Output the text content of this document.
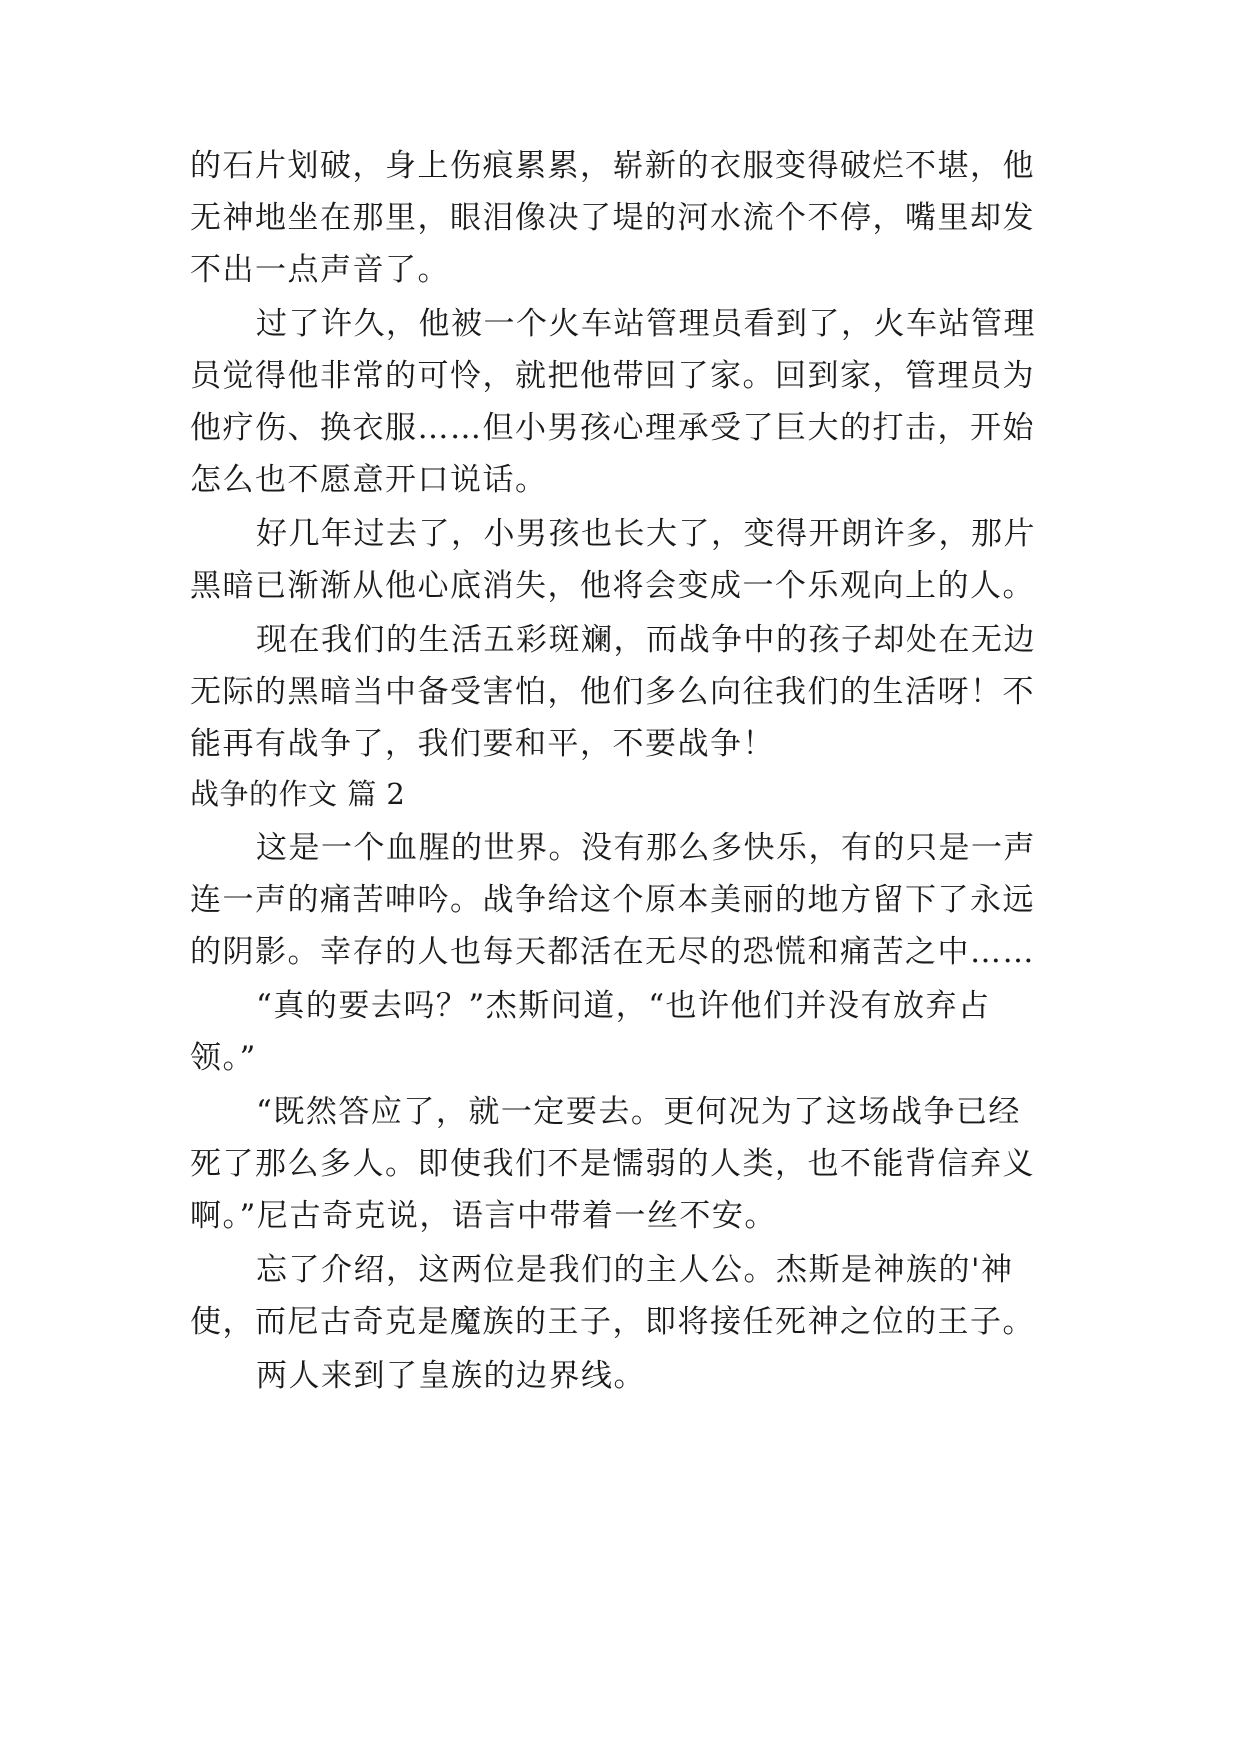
的石片划破，身上伤痕累累，崭新的衣服变得破烂不堪，他
无神地坐在那里，眼泪像决了堤的河水流个不停，嘴里却发
不出一点声音了。
过了许久，他被一个火车站管理员看到了，火车站管理
员觉得他非常的可怜，就把他带回了家。回到家，管理员为
他疗伤、换衣服……但小男孩心理承受了巨大的打击，开始
怎么也不愿意开口说话。
好几年过去了，小男孩也长大了，变得开朗许多，那片
黑暗已渐渐从他心底消失，他将会变成一个乐观向上的人。
现在我们的生活五彩斑斓，而战争中的孩子却处在无边
无际的黑暗当中备受害怕，他们多么向往我们的生活呀！不
能再有战争了，我们要和平，不要战争！
战争的作文 篇 2
这是一个血腥的世界。没有那么多快乐，有的只是一声
连一声的痛苦呻吟。战争给这个原本美丽的地方留下了永远
的阴影。幸存的人也每天都活在无尽的恐慌和痛苦之中……
“真的要去吗？”杰斯问道，“也许他们并没有放弃占
领。”
“既然答应了，就一定要去。更何况为了这场战争已经
死了那么多人。即使我们不是懦弱的人类，也不能背信弃义
啊。”尼古奇克说，语言中带着一丝不安。
忘了介绍，这两位是我们的主人公。杰斯是神族的'神
使，而尼古奇克是魔族的王子，即将接任死神之位的王子。
两人来到了皇族的边界线。
